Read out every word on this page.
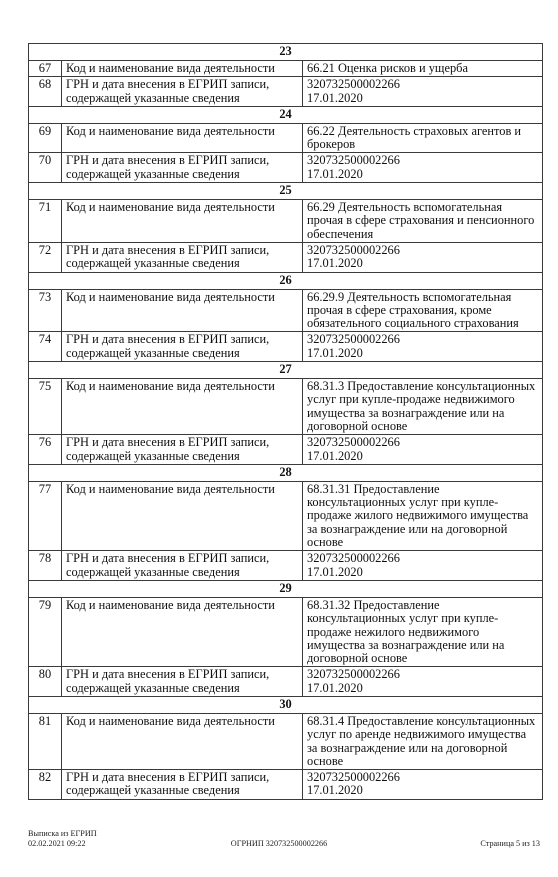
23		
67	Код и наименование вида деятельности	66.21 Оценка рисков и ущерба
68	ГРН и дата внесения в ЕГРИП записи, содержащей указанные сведения	320732500002266
17.01.2020
24		
69	Код и наименование вида деятельности	66.22 Деятельность страховых агентов и брокеров
70	ГРН и дата внесения в ЕГРИП записи, содержащей указанные сведения	320732500002266
17.01.2020
25		
71	Код и наименование вида деятельности	66.29 Деятельность вспомогательная прочая в сфере страхования и пенсионного обеспечения
72	ГРН и дата внесения в ЕГРИП записи, содержащей указанные сведения	320732500002266
17.01.2020
26		
73	Код и наименование вида деятельности	66.29.9 Деятельность вспомогательная прочая в сфере страхования, кроме обязательного социального страхования
74	ГРН и дата внесения в ЕГРИП записи, содержащей указанные сведения	320732500002266
17.01.2020
27		
75	Код и наименование вида деятельности	68.31.3 Предоставление консультационных услуг при купле-продаже недвижимого имущества за вознаграждение или на договорной основе
76	ГРН и дата внесения в ЕГРИП записи, содержащей указанные сведения	320732500002266
17.01.2020
28		
77	Код и наименование вида деятельности	68.31.31 Предоставление консультационных услуг при купле-продаже жилого недвижимого имущества за вознаграждение или на договорной основе
78	ГРН и дата внесения в ЕГРИП записи, содержащей указанные сведения	320732500002266
17.01.2020
29		
79	Код и наименование вида деятельности	68.31.32 Предоставление консультационных услуг при купле-продаже нежилого недвижимого имущества за вознаграждение или на договорной основе
80	ГРН и дата внесения в ЕГРИП записи, содержащей указанные сведения	320732500002266
17.01.2020
30		
81	Код и наименование вида деятельности	68.31.4 Предоставление консультационных услуг по аренде недвижимого имущества за вознаграждение или на договорной основе
82	ГРН и дата внесения в ЕГРИП записи, содержащей указанные сведения	320732500002266
17.01.2020
Выписка из ЕГРИП
02.02.2021 09:22	ОГРНИП 320732500002266	Страница 5 из 13
